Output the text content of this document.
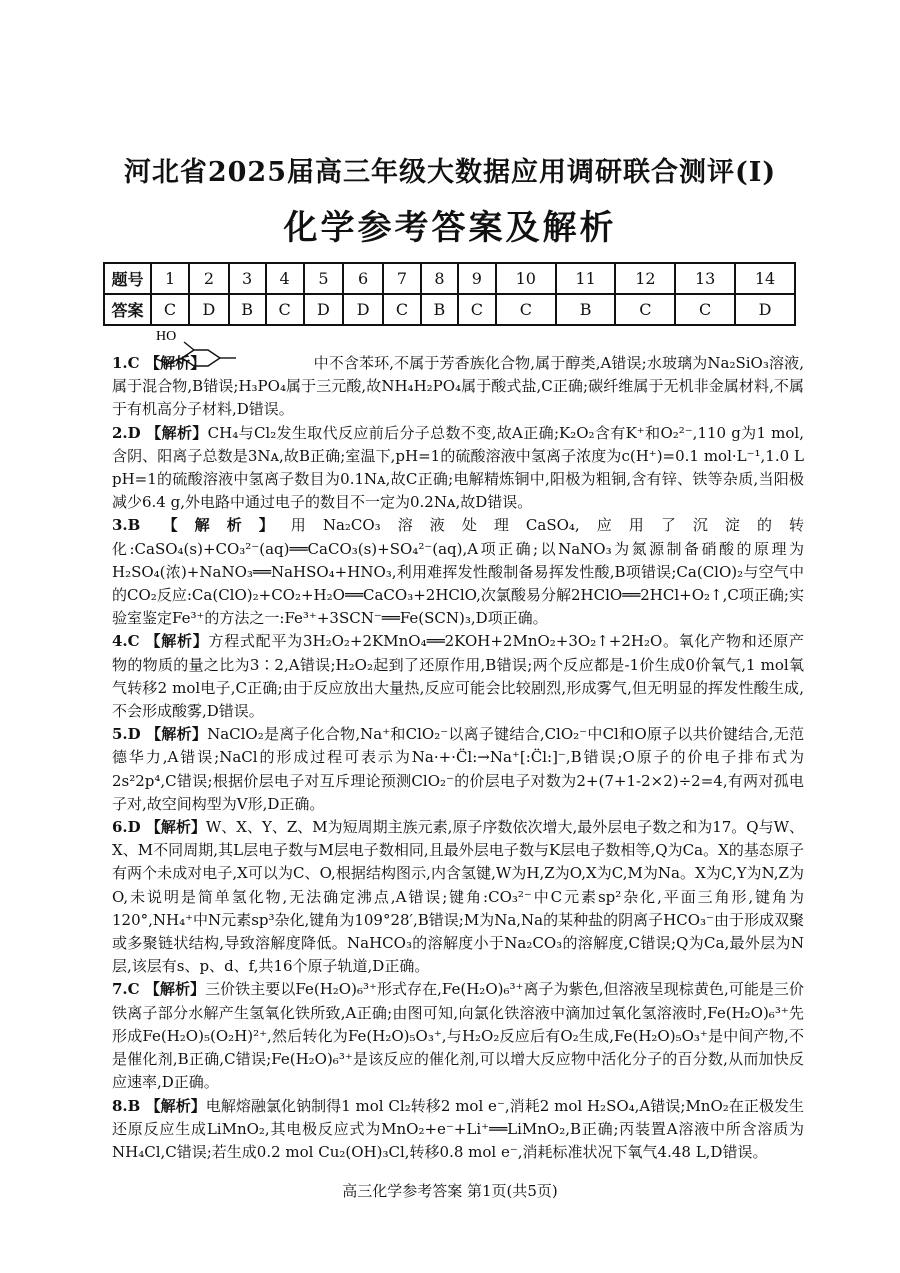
河北省2025届高三年级大数据应用调研联合测评(Ⅰ)
化学参考答案及解析
题号	1	2	3	4	5	6	7	8	9	10	11	12	13	14
答案	C	D	B	C	D	D	C	B	C	C	B	C	C	D
HO

1.C 【解析】	中不含苯环,不属于芳香族化合物,属于醇类,A错误;水玻璃为Na₂SiO₃溶液,属于混合物,B错误;H₃PO₄属于三元酸,故NH₄H₂PO₄属于酸式盐,C正确;碳纤维属于无机非金属材料,不属于有机高分子材料,D错误。

2.D 【解析】CH₄与Cl₂发生取代反应前后分子总数不变,故A正确;K₂O₂含有K⁺和O₂²⁻,110 g为1 mol,含阴、阳离子总数是3Nᴀ,故B正确;室温下,pH=1的硫酸溶液中氢离子浓度为c(H⁺)=0.1 mol·L⁻¹,1.0 L pH=1的硫酸溶液中氢离子数目为0.1Nᴀ,故C正确;电解精炼铜中,阳极为粗铜,含有锌、铁等杂质,当阳极减少6.4 g,外电路中通过电子的数目不一定为0.2Nᴀ,故D错误。

3.B 【解析】用Na₂CO₃溶液处理CaSO₄,应用了沉淀的转化:CaSO₄(s)+CO₃²⁻(aq)══CaCO₃(s)+SO₄²⁻(aq),A项正确;以NaNO₃为氮源制备硝酸的原理为H₂SO₄(浓)+NaNO₃══NaHSO₄+HNO₃,利用难挥发性酸制备易挥发性酸,B项错误;Ca(ClO)₂与空气中的CO₂反应:Ca(ClO)₂+CO₂+H₂O══CaCO₃+2HClO,次氯酸易分解2HClO══2HCl+O₂↑,C项正确;实验室鉴定Fe³⁺的方法之一:Fe³⁺+3SCN⁻══Fe(SCN)₃,D项正确。

4.C 【解析】方程式配平为3H₂O₂+2KMnO₄══2KOH+2MnO₂+3O₂↑+2H₂O。氧化产物和还原产物的物质的量之比为3∶2,A错误;H₂O₂起到了还原作用,B错误;两个反应都是-1价生成0价氧气,1 mol氧气转移2 mol电子,C正确;由于反应放出大量热,反应可能会比较剧烈,形成雾气,但无明显的挥发性酸生成,不会形成酸雾,D错误。

5.D 【解析】NaClO₂是离子化合物,Na⁺和ClO₂⁻以离子键结合,ClO₂⁻中Cl和O原子以共价键结合,无范德华力,A错误;NaCl的形成过程可表示为Na·+·C̈l:→Na⁺[:C̈l:]⁻,B错误;O原子的价电子排布式为2s²2p⁴,C错误;根据价层电子对互斥理论预测ClO₂⁻的价层电子对数为2+(7+1-2×2)÷2=4,有两对孤电子对,故空间构型为V形,D正确。

6.D 【解析】W、X、Y、Z、M为短周期主族元素,原子序数依次增大,最外层电子数之和为17。Q与W、X、M不同周期,其L层电子数与M层电子数相同,且最外层电子数与K层电子数相等,Q为Ca。X的基态原子有两个未成对电子,X可以为C、O,根据结构图示,内含氢键,W为H,Z为O,X为C,M为Na。X为C,Y为N,Z为O,未说明是简单氢化物,无法确定沸点,A错误;键角:CO₃²⁻中C元素sp²杂化,平面三角形,键角为120°,NH₄⁺中N元素sp³杂化,键角为109°28′,B错误;M为Na,Na的某种盐的阴离子HCO₃⁻由于形成双聚或多聚链状结构,导致溶解度降低。NaHCO₃的溶解度小于Na₂CO₃的溶解度,C错误;Q为Ca,最外层为N层,该层有s、p、d、f,共16个原子轨道,D正确。

7.C 【解析】三价铁主要以Fe(H₂O)₆³⁺形式存在,Fe(H₂O)₆³⁺离子为紫色,但溶液呈现棕黄色,可能是三价铁离子部分水解产生氢氧化铁所致,A正确;由图可知,向氯化铁溶液中滴加过氧化氢溶液时,Fe(H₂O)₆³⁺先形成Fe(H₂O)₅(O₂H)²⁺,然后转化为Fe(H₂O)₅O₃⁺,与H₂O₂反应后有O₂生成,Fe(H₂O)₅O₃⁺是中间产物,不是催化剂,B正确,C错误;Fe(H₂O)₆³⁺是该反应的催化剂,可以增大反应物中活化分子的百分数,从而加快反应速率,D正确。

8.B 【解析】电解熔融氯化钠制得1 mol Cl₂转移2 mol e⁻,消耗2 mol H₂SO₄,A错误;MnO₂在正极发生还原反应生成LiMnO₂,其电极反应式为MnO₂+e⁻+Li⁺══LiMnO₂,B正确;丙装置A溶液中所含溶质为NH₄Cl,C错误;若生成0.2 mol Cu₂(OH)₃Cl,转移0.8 mol e⁻,消耗标准状况下氧气4.48 L,D错误。

高三化学参考答案 第1页(共5页)
